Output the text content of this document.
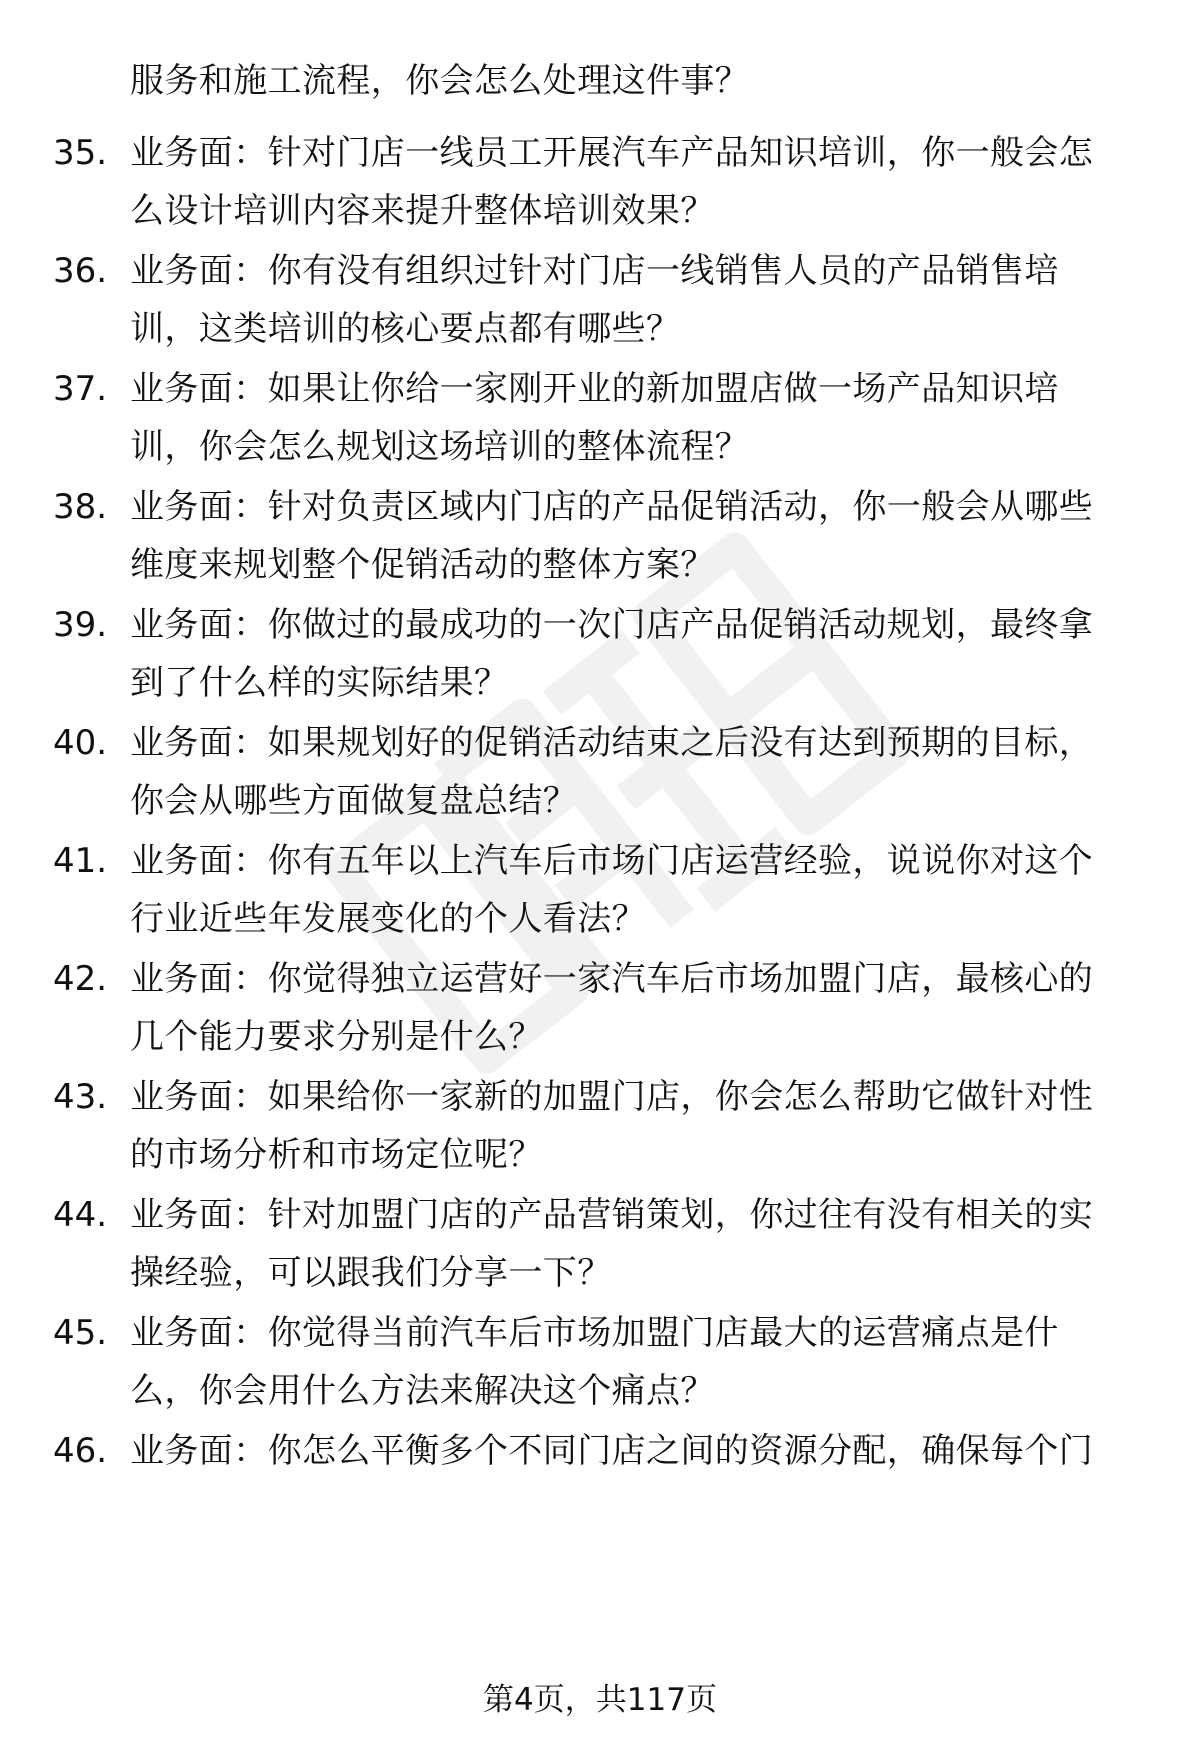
服务和施工流程，你会怎么处理这件事？
35. 业务面：针对门店一线员工开展汽车产品知识培训，你一般会怎
么设计培训内容来提升整体培训效果？
36. 业务面：你有没有组织过针对门店一线销售人员的产品销售培
训，这类培训的核心要点都有哪些？
37. 业务面：如果让你给一家刚开业的新加盟店做一场产品知识培
训，你会怎么规划这场培训的整体流程？
38. 业务面：针对负责区域内门店的产品促销活动，你一般会从哪些
维度来规划整个促销活动的整体方案？
39. 业务面：你做过的最成功的一次门店产品促销活动规划，最终拿
到了什么样的实际结果？
40. 业务面：如果规划好的促销活动结束之后没有达到预期的目标，
你会从哪些方面做复盘总结？
41. 业务面：你有五年以上汽车后市场门店运营经验，说说你对这个
行业近些年发展变化的个人看法？
42. 业务面：你觉得独立运营好一家汽车后市场加盟门店，最核心的
几个能力要求分别是什么？
43. 业务面：如果给你一家新的加盟门店，你会怎么帮助它做针对性
的市场分析和市场定位呢？
44. 业务面：针对加盟门店的产品营销策划，你过往有没有相关的实
操经验，可以跟我们分享一下？
45. 业务面：你觉得当前汽车后市场加盟门店最大的运营痛点是什
么，你会用什么方法来解决这个痛点？
46. 业务面：你怎么平衡多个不同门店之间的资源分配，确保每个门
第4页，共117页
